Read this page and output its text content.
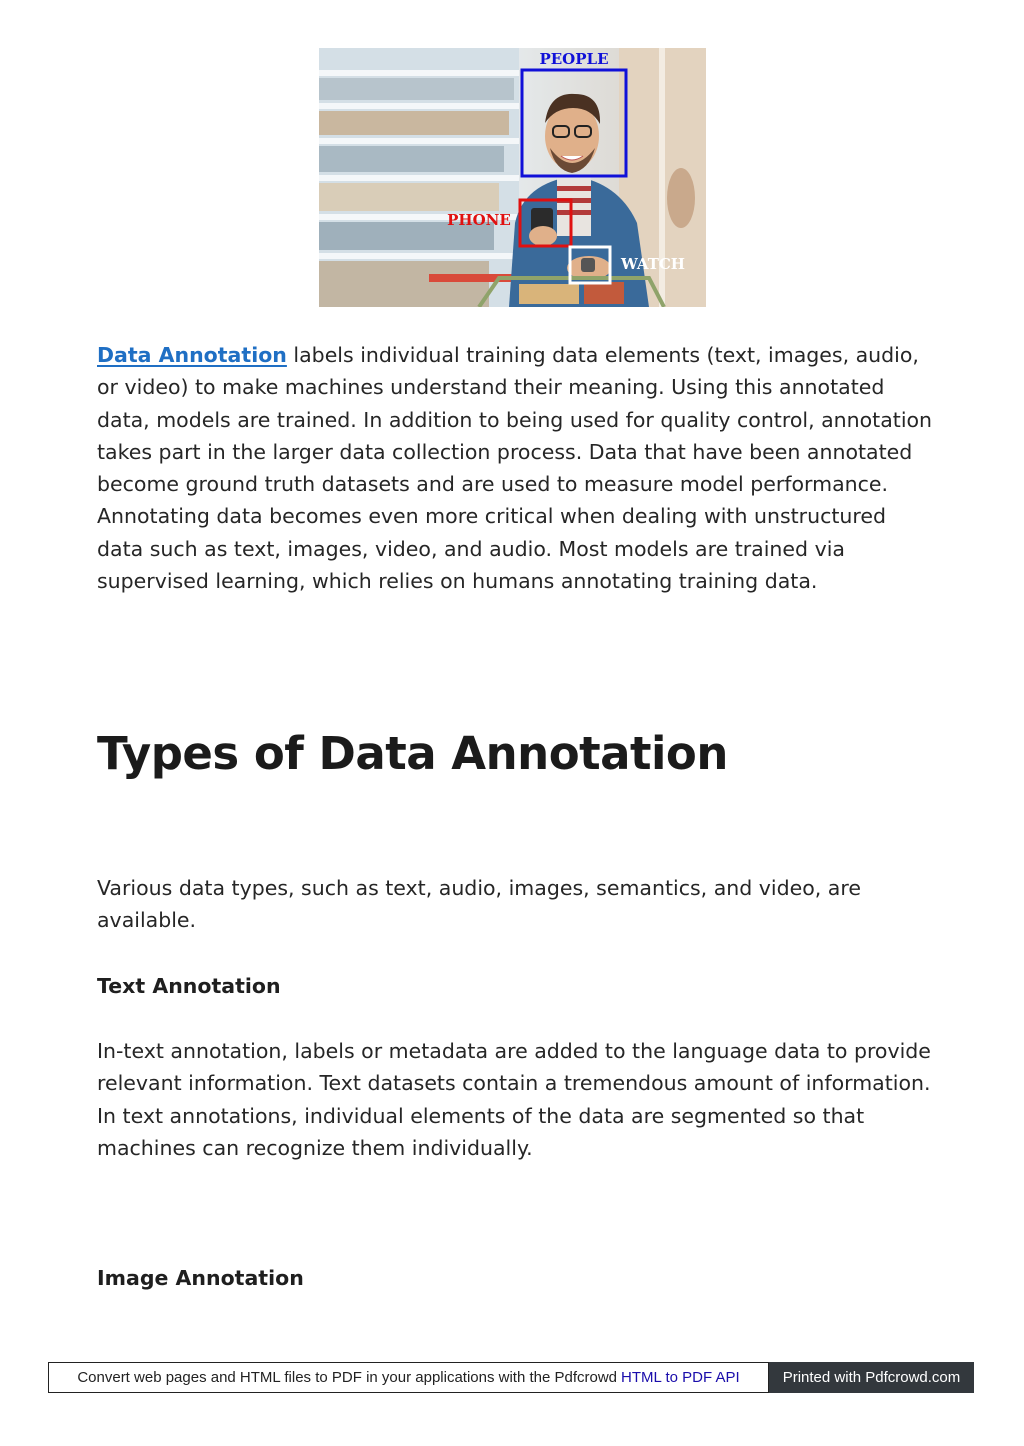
PEOPLE
PHONE
WATCH

Data Annotation labels individual training data elements (text, images, audio, or video) to make machines understand their meaning. Using this annotated data, models are trained. In addition to being used for quality control, annotation takes part in the larger data collection process. Data that have been annotated become ground truth datasets and are used to measure model performance. Annotating data becomes even more critical when dealing with unstructured data such as text, images, video, and audio. Most models are trained via supervised learning, which relies on humans annotating training data.

Types of Data Annotation

Various data types, such as text, audio, images, semantics, and video, are available.

Text Annotation

In-text annotation, labels or metadata are added to the language data to provide relevant information. Text datasets contain a tremendous amount of information. In text annotations, individual elements of the data are segmented so that machines can recognize them individually.

Image Annotation
Convert web pages and HTML files to PDF in your applications with the Pdfcrowd HTML to PDF API	Printed with Pdfcrowd.com
